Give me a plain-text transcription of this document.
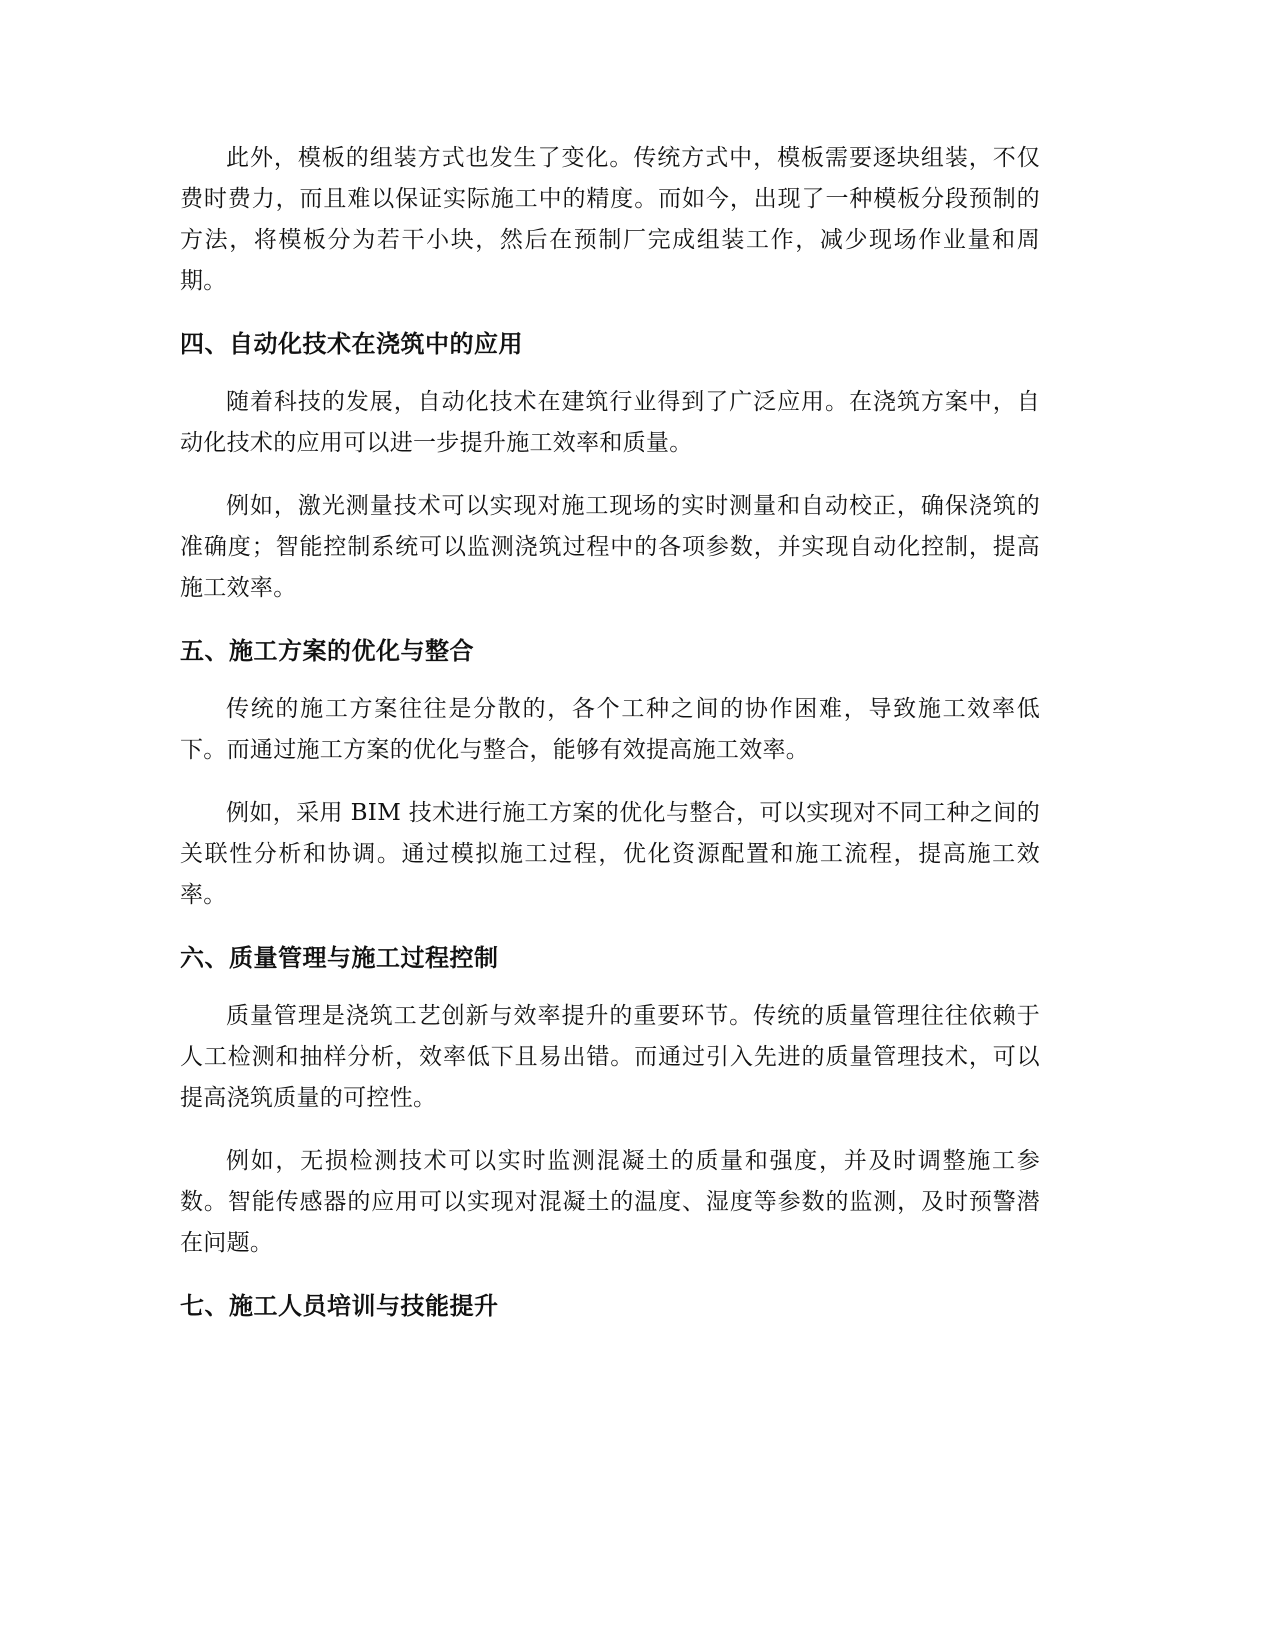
此外，模板的组装方式也发生了变化。传统方式中，模板需要逐块组装，不仅费时费力，而且难以保证实际施工中的精度。而如今，出现了一种模板分段预制的方法，将模板分为若干小块，然后在预制厂完成组装工作，减少现场作业量和周期。

四、自动化技术在浇筑中的应用

随着科技的发展，自动化技术在建筑行业得到了广泛应用。在浇筑方案中，自动化技术的应用可以进一步提升施工效率和质量。

例如，激光测量技术可以实现对施工现场的实时测量和自动校正，确保浇筑的准确度；智能控制系统可以监测浇筑过程中的各项参数，并实现自动化控制，提高施工效率。

五、施工方案的优化与整合

传统的施工方案往往是分散的，各个工种之间的协作困难，导致施工效率低下。而通过施工方案的优化与整合，能够有效提高施工效率。

例如，采用 BIM 技术进行施工方案的优化与整合，可以实现对不同工种之间的关联性分析和协调。通过模拟施工过程，优化资源配置和施工流程，提高施工效率。

六、质量管理与施工过程控制

质量管理是浇筑工艺创新与效率提升的重要环节。传统的质量管理往往依赖于人工检测和抽样分析，效率低下且易出错。而通过引入先进的质量管理技术，可以提高浇筑质量的可控性。

例如，无损检测技术可以实时监测混凝土的质量和强度，并及时调整施工参数。智能传感器的应用可以实现对混凝土的温度、湿度等参数的监测，及时预警潜在问题。

七、施工人员培训与技能提升
